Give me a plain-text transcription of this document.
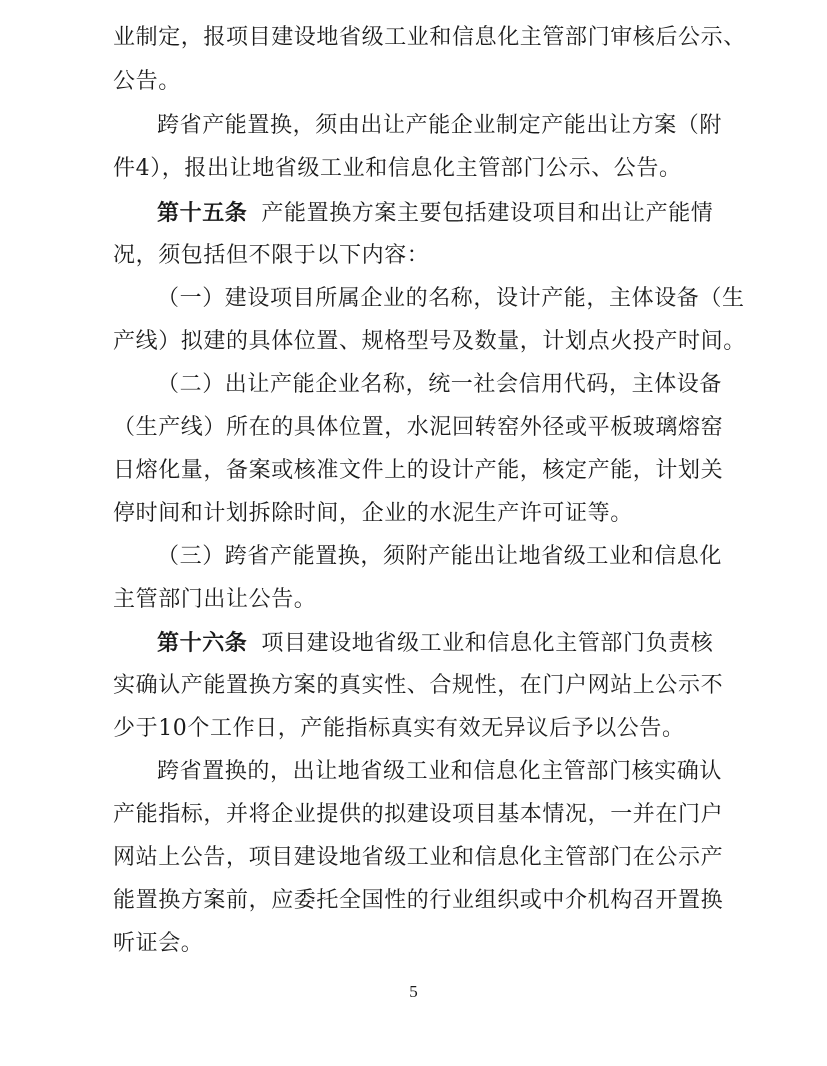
业制定，报项目建设地省级工业和信息化主管部门审核后公示、
公告。
跨省产能置换，须由出让产能企业制定产能出让方案（附
件4），报出让地省级工业和信息化主管部门公示、公告。
第十五条 产能置换方案主要包括建设项目和出让产能情
况，须包括但不限于以下内容：
（一）建设项目所属企业的名称，设计产能，主体设备（生
产线）拟建的具体位置、规格型号及数量，计划点火投产时间。
（二）出让产能企业名称，统一社会信用代码，主体设备
（生产线）所在的具体位置，水泥回转窑外径或平板玻璃熔窑
日熔化量，备案或核准文件上的设计产能，核定产能，计划关
停时间和计划拆除时间，企业的水泥生产许可证等。
（三）跨省产能置换，须附产能出让地省级工业和信息化
主管部门出让公告。
第十六条 项目建设地省级工业和信息化主管部门负责核
实确认产能置换方案的真实性、合规性，在门户网站上公示不
少于10个工作日，产能指标真实有效无异议后予以公告。
跨省置换的，出让地省级工业和信息化主管部门核实确认
产能指标，并将企业提供的拟建设项目基本情况，一并在门户
网站上公告，项目建设地省级工业和信息化主管部门在公示产
能置换方案前，应委托全国性的行业组织或中介机构召开置换
听证会。
5
